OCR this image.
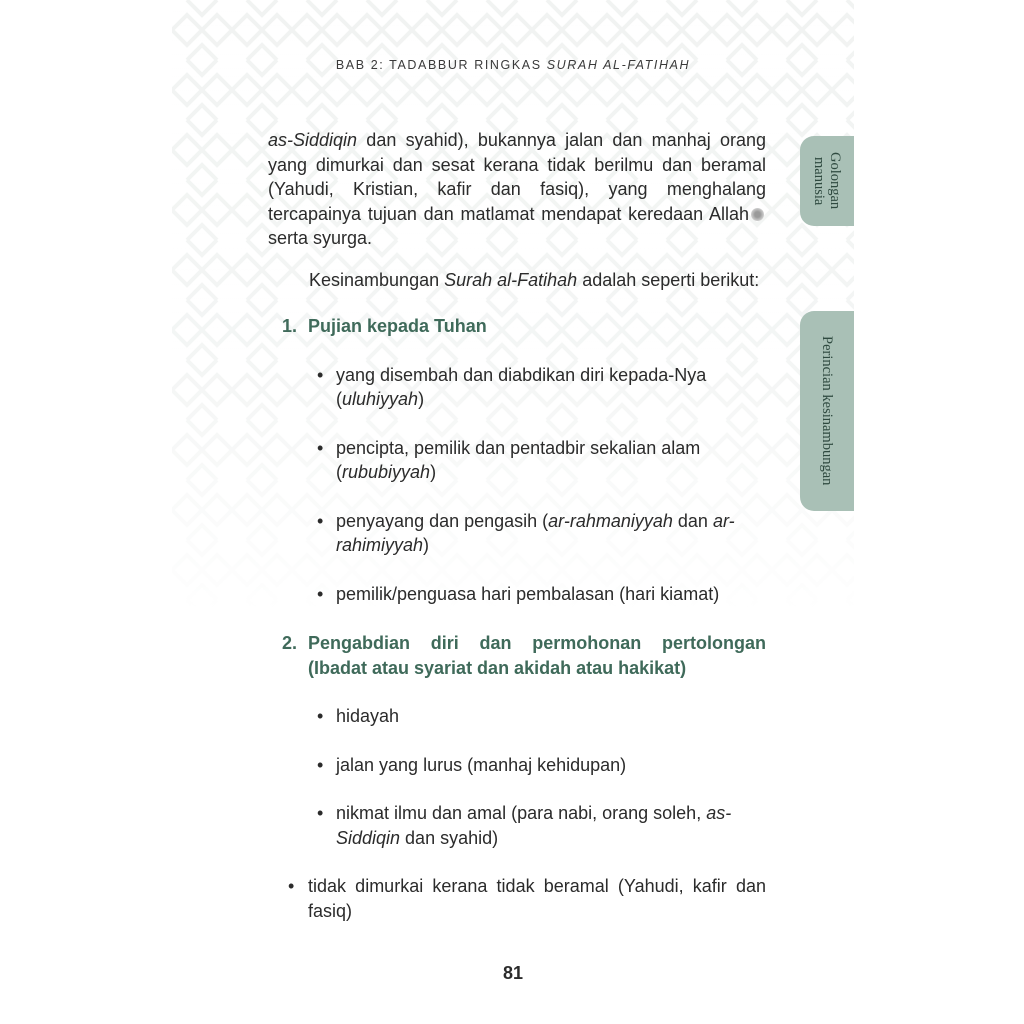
BAB 2: TADABBUR RINGKAS SURAH AL-FATIHAH
Golongan manusia
Perincian kesinambungan

as-Siddiqin dan syahid), bukannya jalan dan manhaj orang yang dimurkai dan sesat kerana tidak berilmu dan beramal (Yahudi, Kristian, kafir dan fasiq), yang menghalang tercapainya tujuan dan matlamat mendapat keredaan Allah serta syurga.

Kesinambungan Surah al-Fatihah adalah seperti berikut:

1. Pujian kepada Tuhan

• yang disembah dan diabdikan diri kepada-Nya (uluhiyyah)
• pencipta, pemilik dan pentadbir sekalian alam (rububiyyah)
• penyayang dan pengasih (ar-rahmaniyyah dan ar-rahimiyyah)
• pemilik/penguasa hari pembalasan (hari kiamat)

2. Pengabdian diri dan permohonan pertolongan (Ibadat atau syariat dan akidah atau hakikat)

• hidayah
• jalan yang lurus (manhaj kehidupan)
• nikmat ilmu dan amal (para nabi, orang soleh, as-Siddiqin dan syahid)
• tidak dimurkai kerana tidak beramal (Yahudi, kafir dan fasiq)
81
